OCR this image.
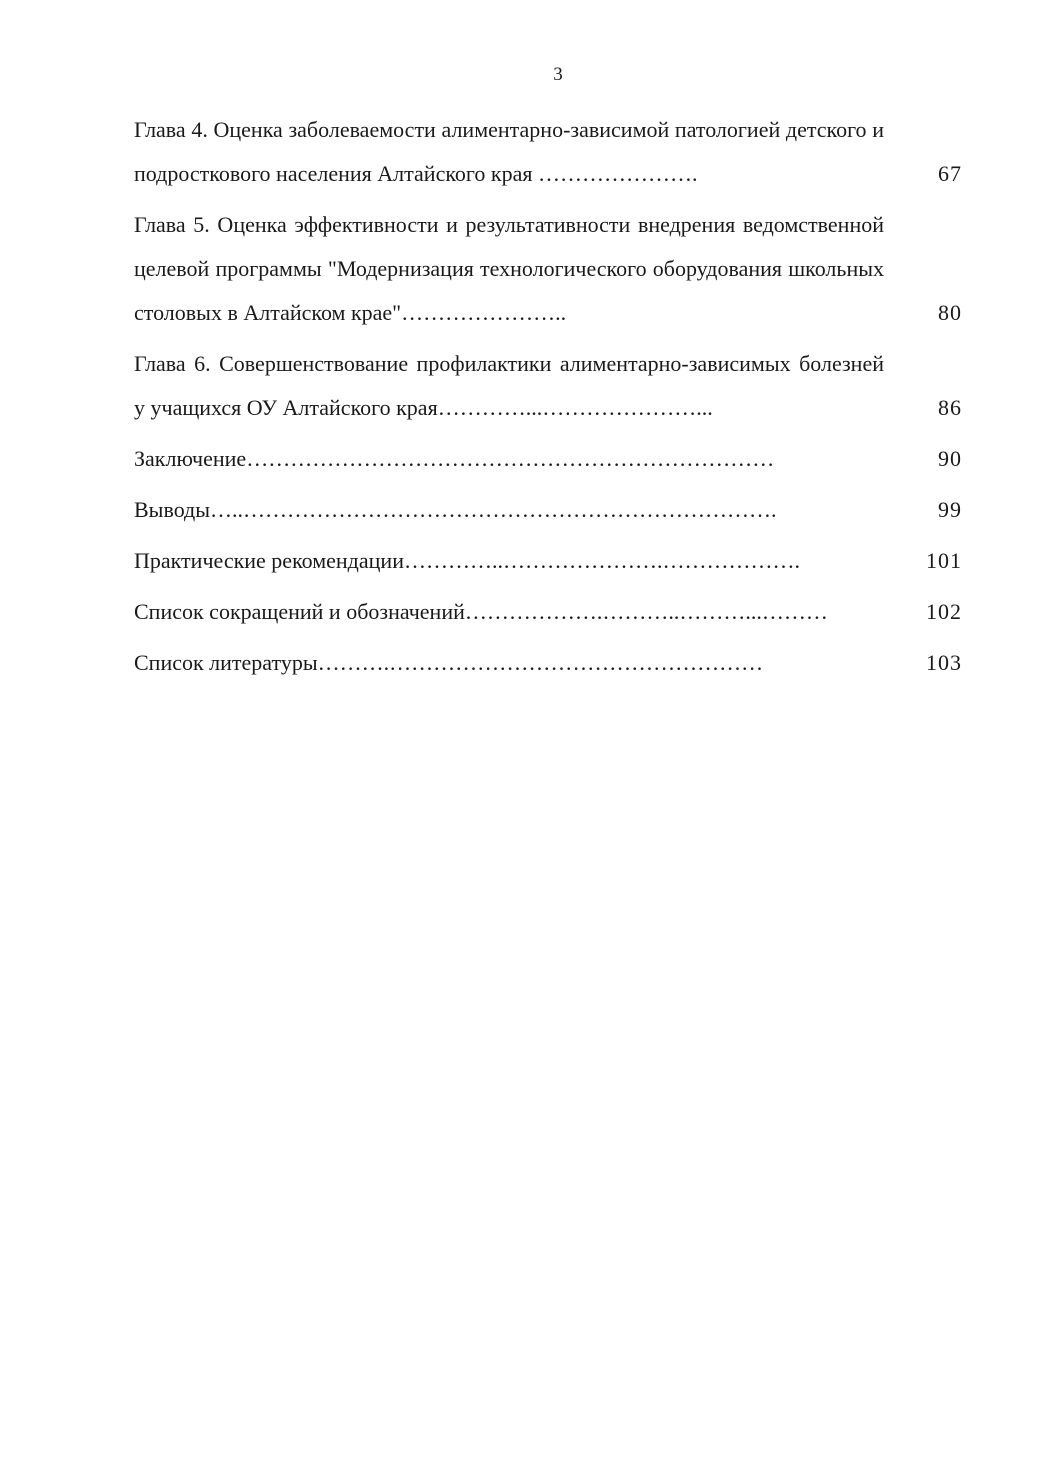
3
Глава 4. Оценка заболеваемости алиментарно-зависимой патологией детского и подросткового населения Алтайского края ………………….	67
Глава 5. Оценка эффективности и результативности внедрения ведомственной целевой программы "Модернизация технологического оборудования школьных столовых в Алтайском крае"…………………..	80
Глава 6. Совершенствование профилактики алиментарно-зависимых болезней у учащихся ОУ Алтайского края…………...…………………...	86
Заключение………………………………………………………………	90
Выводы…..……………………………………………………………….	99
Практические рекомендации…………..………………….……………….	101
Список сокращений и обозначений……………….………..………...………	102
Список литературы……….……………………………………………	103
